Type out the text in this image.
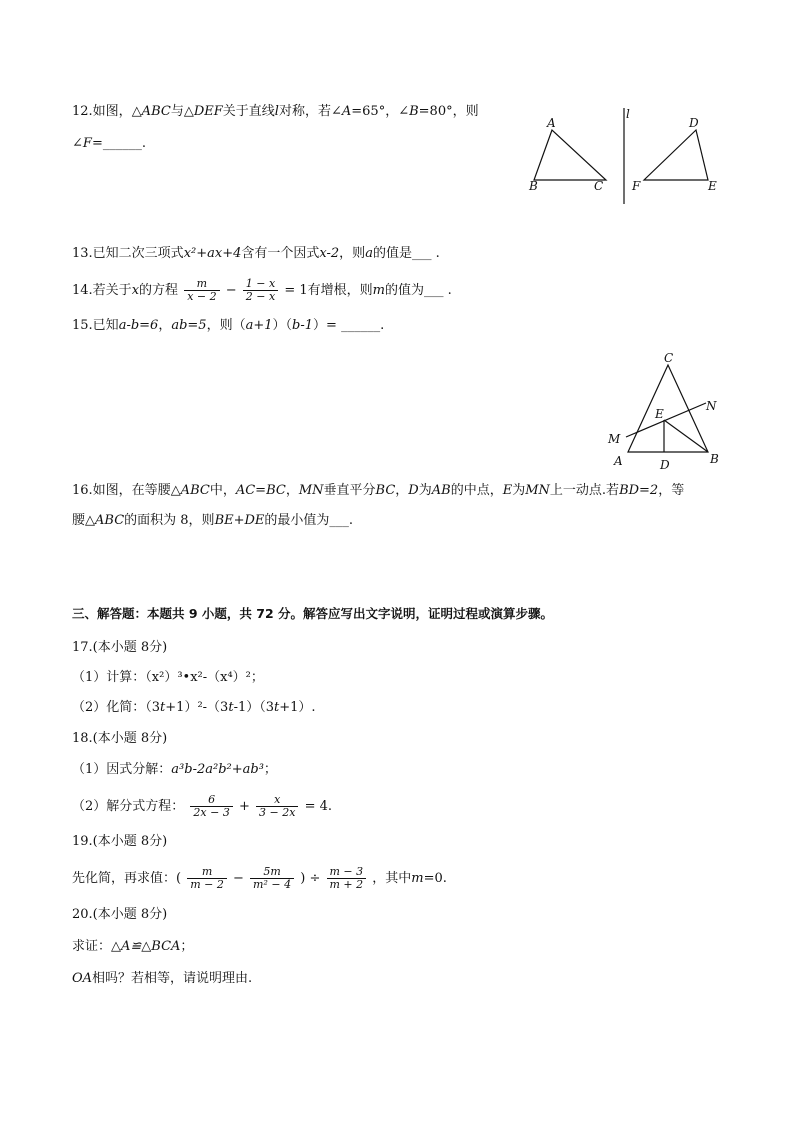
12.如图，△ABC与△DEF关于直线l对称，若∠A=65°，∠B=80°，则
∠F=______.
A
B	C
l
D
F	E
13.已知二次三项式x²+ax+4含有一个因式x-2，则a的值是___ .
14.若关于x的方程 $\frac{m}{x - 2} - \frac{1 - x}{2 - x} = 1$有增根，则m的值为___ .
15.已知a-b=6，ab=5，则（a+1）（b-1）= ______.
C
N
E
M
A	D	B
16.如图，在等腰△ABC中，AC=BC，MN垂直平分BC，D为AB的中点，E为MN上一动点.若BD=2，等
腰△ABC的面积为 8，则BE+DE的最小值为___.
三、解答题：本题共 9 小题，共 72 分。解答应写出文字说明，证明过程或演算步骤。
17.(本小题 8分)
（1）计算：（x²）³•x²-（x⁴）²；
（2）化简：（3t+1）²-（3t-1）（3t+1）.
18.(本小题 8分)
（1）因式分解：a³b-2a²b²+ab³；
（2）解分式方程： $\frac{6}{2x - 3} + \frac{x}{3 - 2x} = 4$.
19.(本小题 8分)
先化简，再求值：( $\frac{m}{m - 2} - \frac{5m}{\text{m² − 4}}$ ) ÷ $\frac{m - 3}{m + 2}$ ，其中m=0.
20.(本小题 8分)
求证：△A≌△BCA；
OA相吗？若相等，请说明理由.
